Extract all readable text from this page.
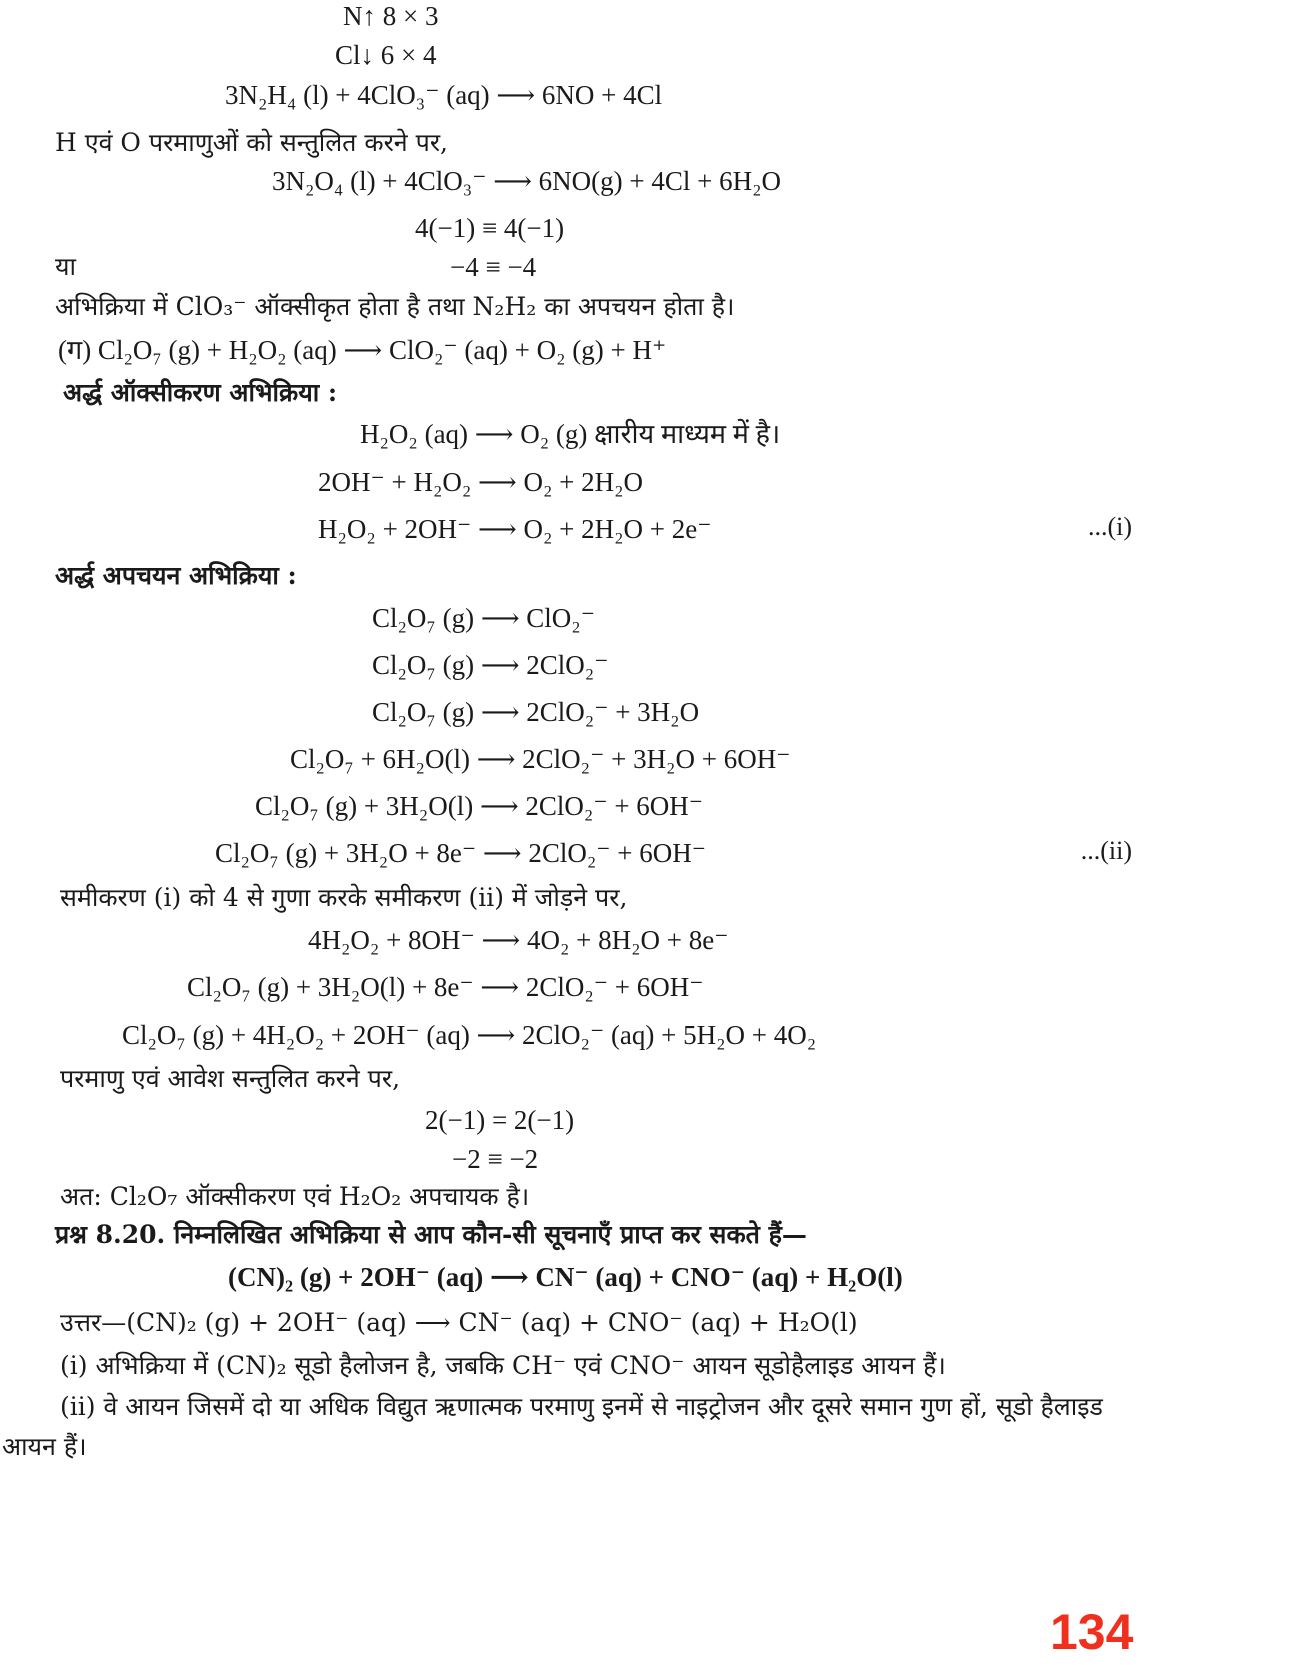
N↑ 8 × 3
Cl↓ 6 × 4
3N₂H₄ (l) + 4ClO₃⁻ (aq) ⟶ 6NO + 4Cl
H एवं O परमाणुओं को सन्तुलित करने पर,
3N₂O₄ (l) + 4ClO₃⁻ ⟶ 6NO(g) + 4Cl + 6H₂O
4(−1) ≡ 4(−1)
या	−4 ≡ −4
अभिक्रिया में ClO₃⁻ ऑक्सीकृत होता है तथा N₂H₂ का अपचयन होता है।
(ग) Cl₂O₇ (g) + H₂O₂ (aq) ⟶ ClO₂⁻ (aq) + O₂ (g) + H⁺
अर्द्ध ऑक्सीकरण अभिक्रिया :
H₂O₂ (aq) ⟶ O₂ (g) क्षारीय माध्यम में है।
2OH⁻ + H₂O₂ ⟶ O₂ + 2H₂O
H₂O₂ + 2OH⁻ ⟶ O₂ + 2H₂O + 2e⁻	...(i)
अर्द्ध अपचयन अभिक्रिया :
Cl₂O₇ (g) ⟶ ClO₂⁻
Cl₂O₇ (g) ⟶ 2ClO₂⁻
Cl₂O₇ (g) ⟶ 2ClO₂⁻ + 3H₂O
Cl₂O₇ + 6H₂O(l) ⟶ 2ClO₂⁻ + 3H₂O + 6OH⁻
Cl₂O₇ (g) + 3H₂O(l) ⟶ 2ClO₂⁻ + 6OH⁻
Cl₂O₇ (g) + 3H₂O + 8e⁻ ⟶ 2ClO₂⁻ + 6OH⁻	...(ii)
समीकरण (i) को 4 से गुणा करके समीकरण (ii) में जोड़ने पर,
4H₂O₂ + 8OH⁻ ⟶ 4O₂ + 8H₂O + 8e⁻
Cl₂O₇ (g) + 3H₂O(l) + 8e⁻ ⟶ 2ClO₂⁻ + 6OH⁻
Cl₂O₇ (g) + 4H₂O₂ + 2OH⁻ (aq) ⟶ 2ClO₂⁻ (aq) + 5H₂O + 4O₂
परमाणु एवं आवेश सन्तुलित करने पर,
2(−1) = 2(−1)
−2 ≡ −2
अत: Cl₂O₇ ऑक्सीकरण एवं H₂O₂ अपचायक है।
प्रश्न 8.20. निम्नलिखित अभिक्रिया से आप कौन-सी सूचनाएँ प्राप्त कर सकते हैं—
(CN)₂ (g) + 2OH⁻ (aq) ⟶ CN⁻ (aq) + CNO⁻ (aq) + H₂O(l)
उत्तर—(CN)₂ (g) + 2OH⁻ (aq) ⟶ CN⁻ (aq) + CNO⁻ (aq) + H₂O(l)
(i) अभिक्रिया में (CN)₂ सूडो हैलोजन है, जबकि CH⁻ एवं CNO⁻ आयन सूडोहैलाइड आयन हैं।
(ii) वे आयन जिसमें दो या अधिक विद्युत ऋणात्मक परमाणु इनमें से नाइट्रोजन और दूसरे समान गुण हों, सूडो हैलाइड
आयन हैं।
134
